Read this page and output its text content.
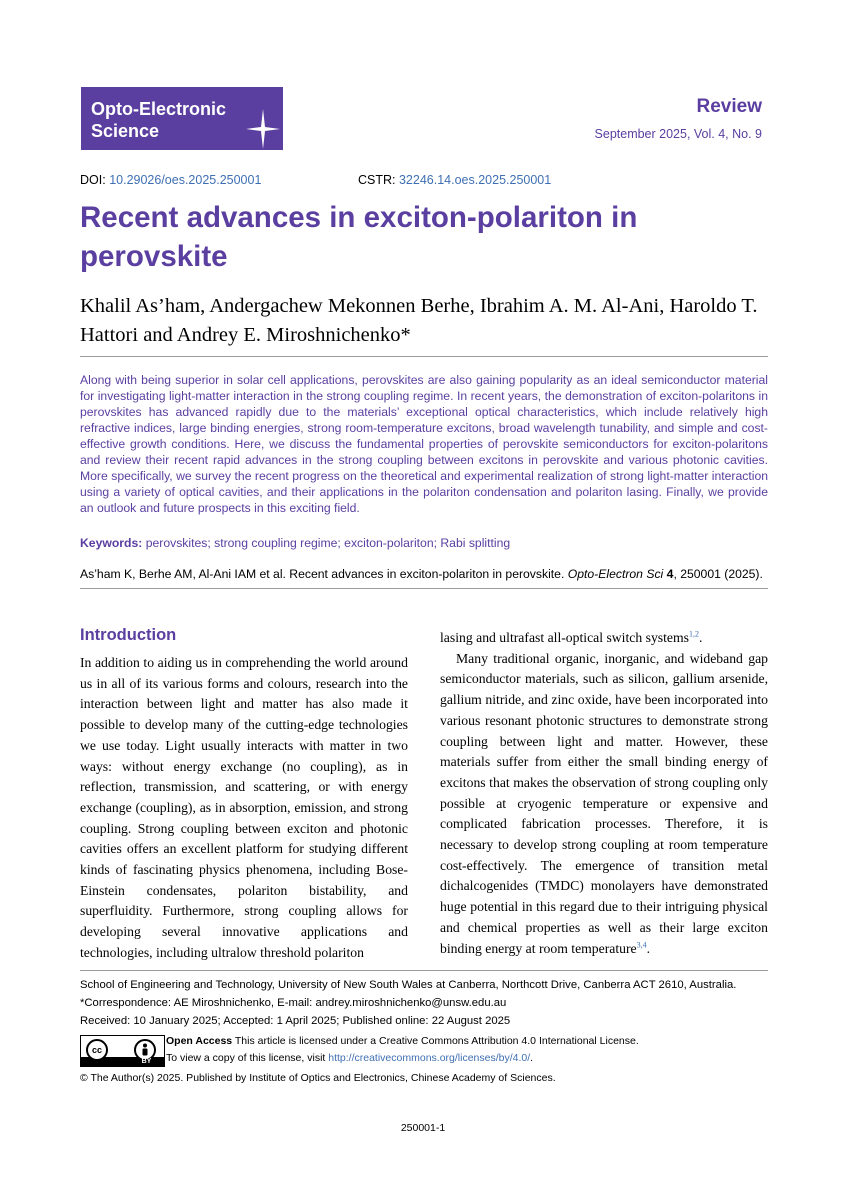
Opto-Electronic
Science
Review
September 2025, Vol. 4, No. 9
DOI: 10.29026/oes.2025.250001	CSTR: 32246.14.oes.2025.250001
Recent advances in exciton-polariton in perovskite
Khalil As’ham, Andergachew Mekonnen Berhe, Ibrahim A. M. Al-Ani, Haroldo T. Hattori and Andrey E. Miroshnichenko*
Along with being superior in solar cell applications, perovskites are also gaining popularity as an ideal semiconductor material for investigating light-matter interaction in the strong coupling regime. In recent years, the demonstration of exciton-polaritons in perovskites has advanced rapidly due to the materials’ exceptional optical characteristics, which include relatively high refractive indices, large binding energies, strong room-temperature excitons, broad wavelength tunability, and simple and cost-effective growth conditions. Here, we discuss the fundamental properties of perovskite semiconductors for exciton-polaritons and review their recent rapid advances in the strong coupling between excitons in perovskite and various photonic cavities. More specifically, we survey the recent progress on the theoretical and experimental realization of strong light-matter interaction using a variety of optical cavities, and their applications in the polariton condensation and polariton lasing. Finally, we provide an outlook and future prospects in this exciting field.
Keywords: perovskites; strong coupling regime; exciton-polariton; Rabi splitting
As’ham K, Berhe AM, Al-Ani IAM et al. Recent advances in exciton-polariton in perovskite. Opto-Electron Sci 4, 250001 (2025).
Introduction
In addition to aiding us in comprehending the world around us in all of its various forms and colours, research into the interaction between light and matter has also made it possible to develop many of the cutting-edge technologies we use today. Light usually interacts with matter in two ways: without energy exchange (no coupling), as in reflection, transmission, and scattering, or with energy exchange (coupling), as in absorption, emission, and strong coupling. Strong coupling between exciton and photonic cavities offers an excellent platform for studying different kinds of fascinating physics phenomena, including Bose-Einstein condensates, polariton bistability, and superfluidity. Furthermore, strong coupling allows for developing several innovative applications and technologies, including ultralow threshold polariton
lasing and ultrafast all-optical switch systems$^{1,2}$.
Many traditional organic, inorganic, and wideband gap semiconductor materials, such as silicon, gallium arsenide, gallium nitride, and zinc oxide, have been incorporated into various resonant photonic structures to demonstrate strong coupling between light and matter. However, these materials suffer from either the small binding energy of excitons that makes the observation of strong coupling only possible at cryogenic temperature or expensive and complicated fabrication processes. Therefore, it is necessary to develop strong coupling at room temperature cost-effectively. The emergence of transition metal dichalcogenides (TMDC) monolayers have demonstrated huge potential in this regard due to their intriguing physical and chemical properties as well as their large exciton binding energy at room temperature$^{3,4}$.
School of Engineering and Technology, University of New South Wales at Canberra, Northcott Drive, Canberra ACT 2610, Australia.
*Correspondence: AE Miroshnichenko, E-mail: andrey.miroshnichenko@unsw.edu.au
Received: 10 January 2025; Accepted: 1 April 2025; Published online: 22 August 2025
cc
BY
Open Access This article is licensed under a Creative Commons Attribution 4.0 International License.
To view a copy of this license, visit http://creativecommons.org/licenses/by/4.0/.
© The Author(s) 2025. Published by Institute of Optics and Electronics, Chinese Academy of Sciences.
250001-1
